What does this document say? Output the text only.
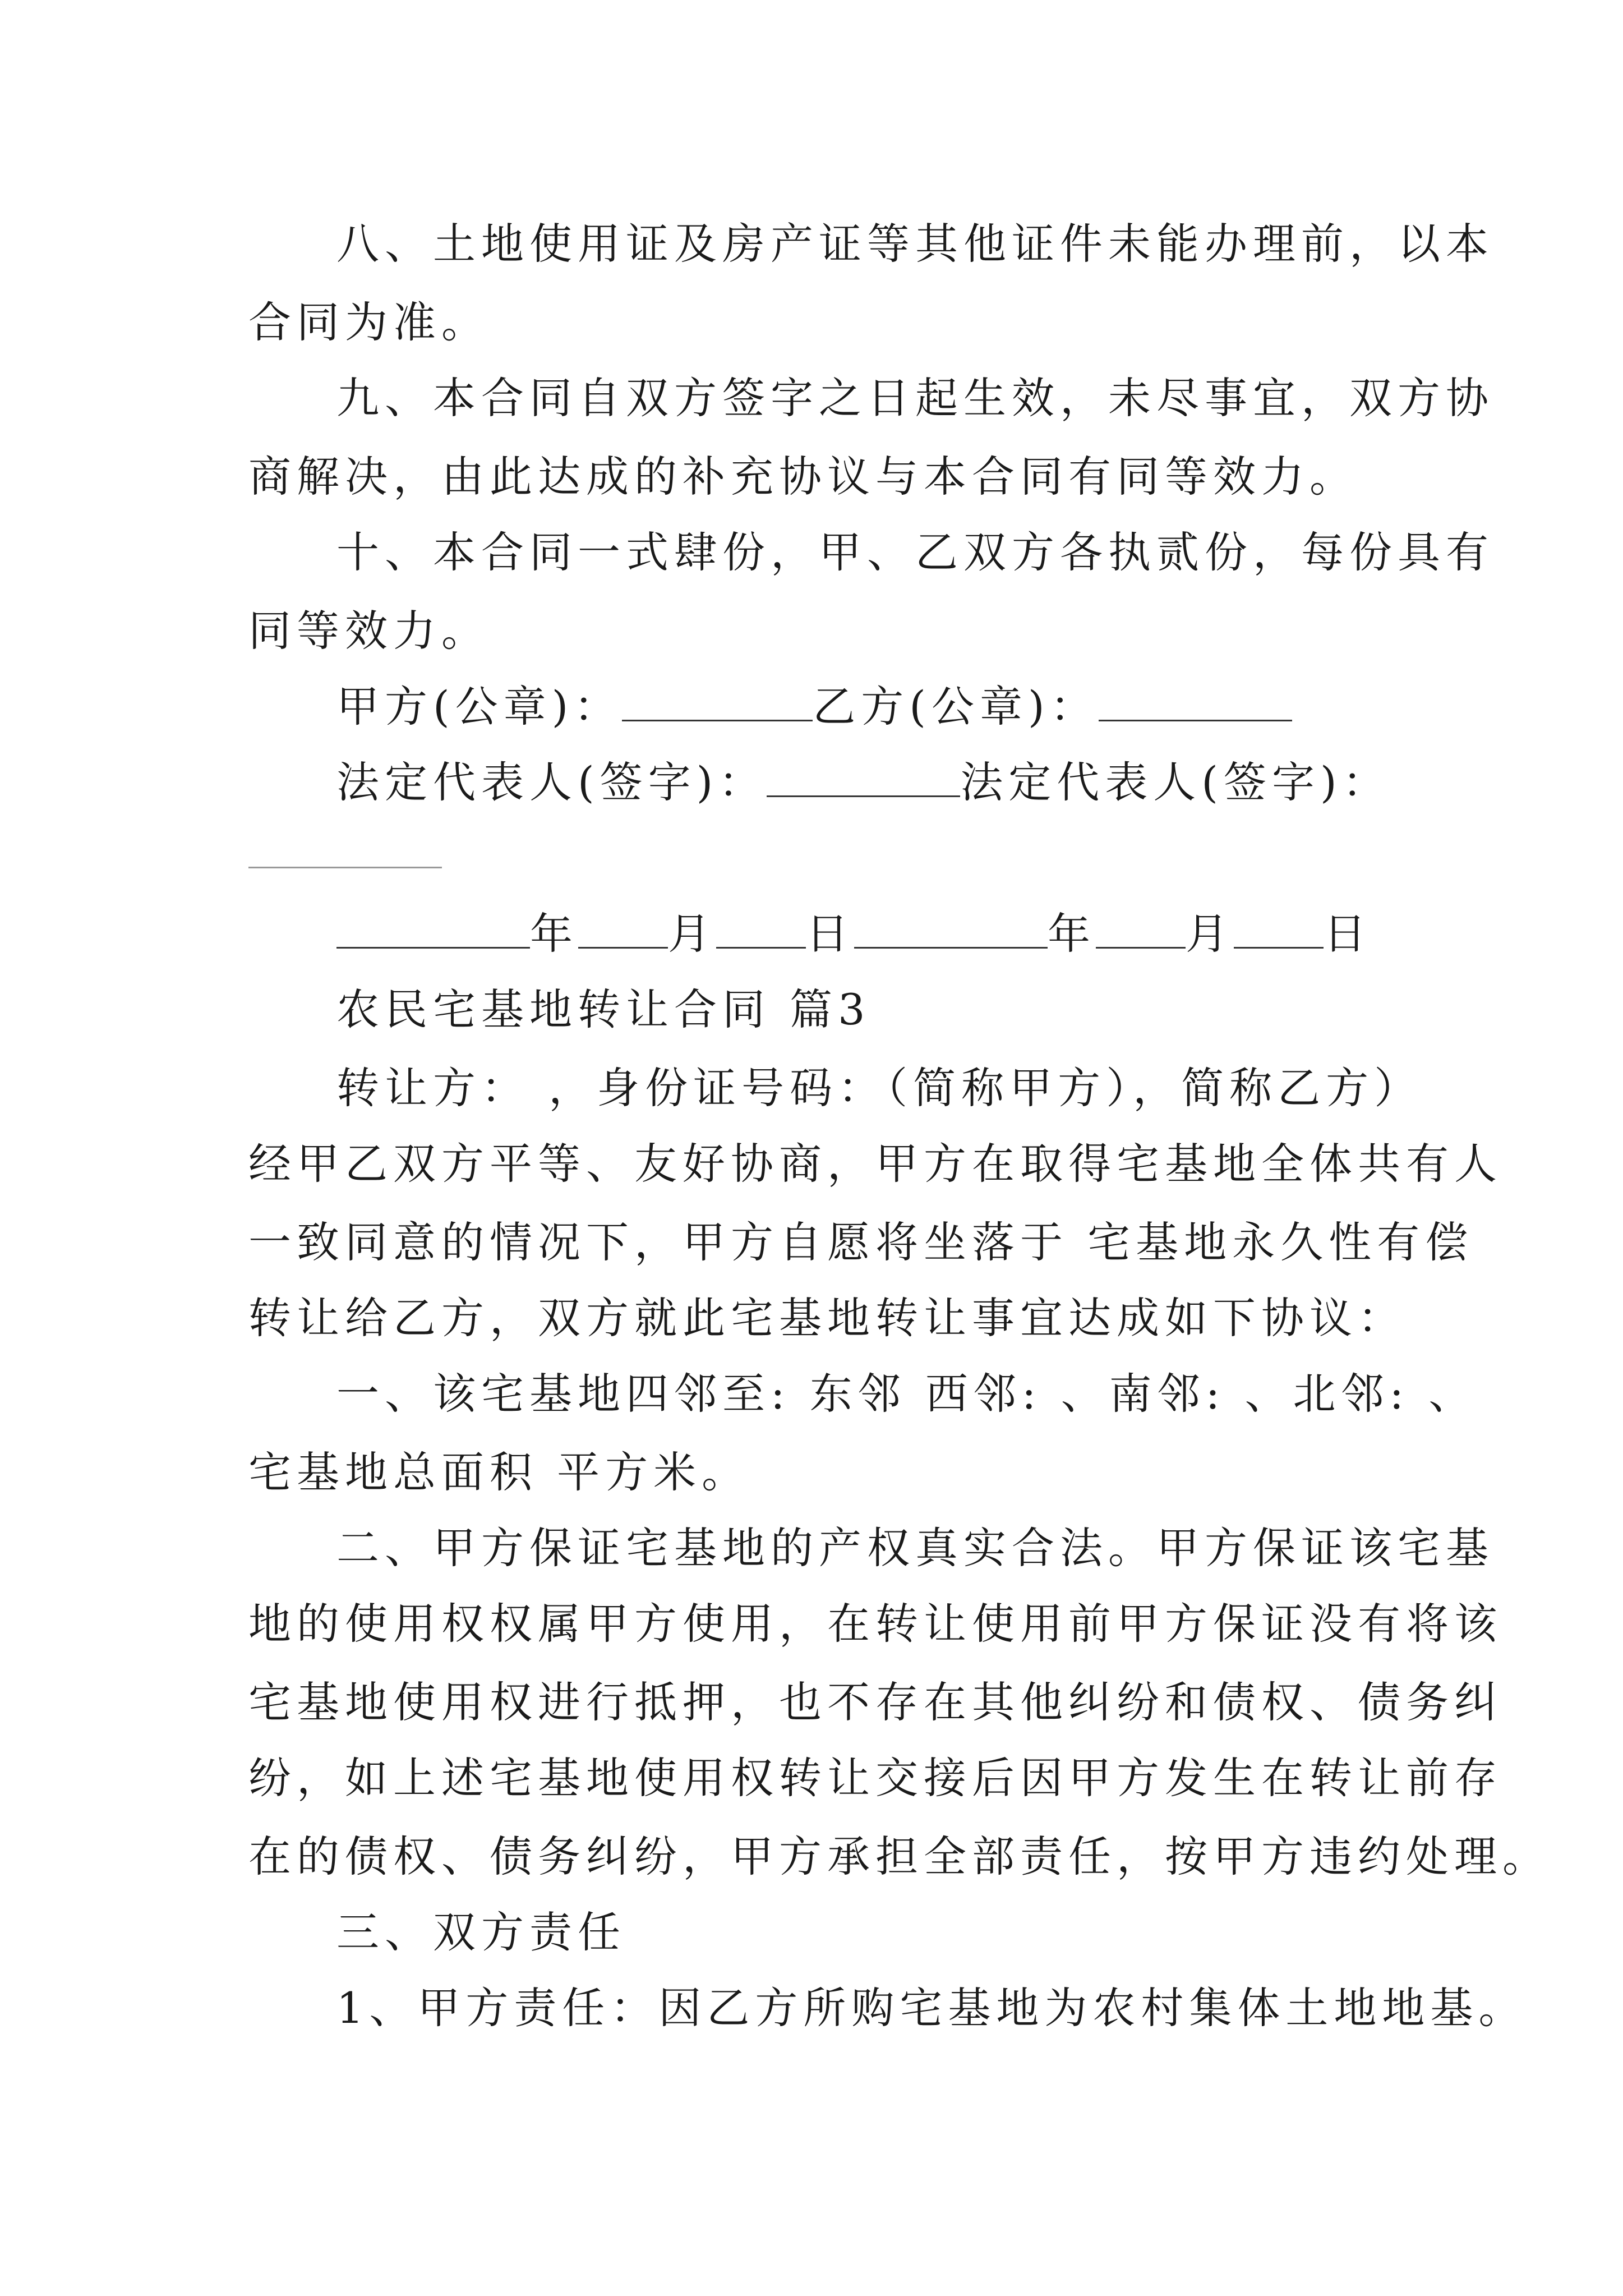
八、土地使用证及房产证等其他证件未能办理前，以本
合同为准。
九、本合同自双方签字之日起生效，未尽事宜，双方协
商解决，由此达成的补充协议与本合同有同等效力。
十、本合同一式肆份，甲、乙双方各执贰份，每份具有
同等效力。
甲方(公章)：	乙方(公章)：
法定代表人(签字)：	法定代表人(签字)：
年 月 日	年 月 日
农民宅基地转让合同 篇3
转让方： ，身份证号码：（简称甲方），简称乙方）
经甲乙双方平等、友好协商，甲方在取得宅基地全体共有人
一致同意的情况下，甲方自愿将坐落于 宅基地永久性有偿
转让给乙方，双方就此宅基地转让事宜达成如下协议：
一、该宅基地四邻至: 东邻 西邻: 、南邻: 、北邻: 、
宅基地总面积 平方米。
二、甲方保证宅基地的产权真实合法。甲方保证该宅基
地的使用权权属甲方使用，在转让使用前甲方保证没有将该
宅基地使用权进行抵押，也不存在其他纠纷和债权、债务纠
纷，如上述宅基地使用权转让交接后因甲方发生在转让前存
在的债权、债务纠纷，甲方承担全部责任，按甲方违约处理。
三、双方责任
1、甲方责任：因乙方所购宅基地为农村集体土地地基。
